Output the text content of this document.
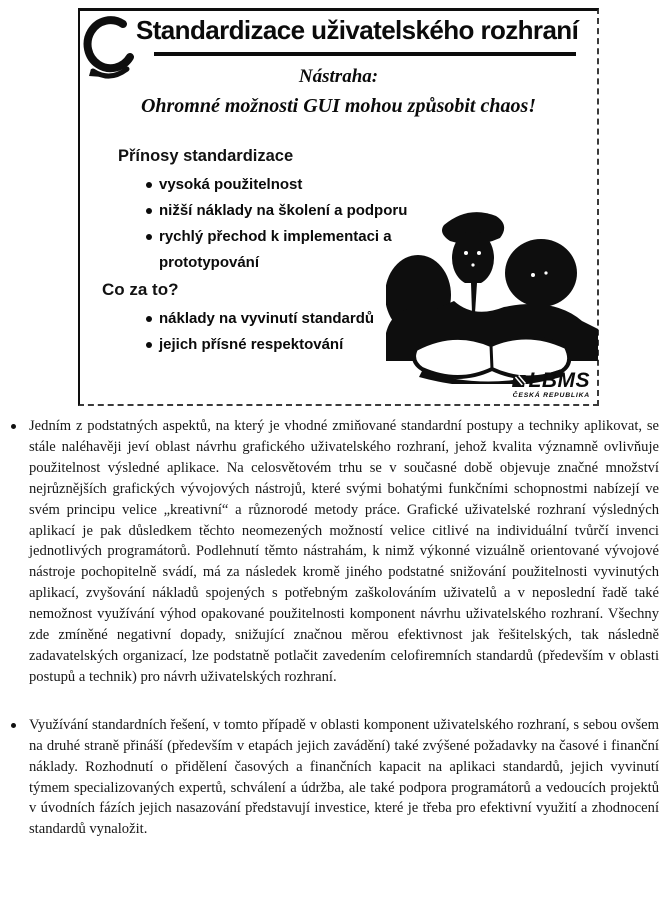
Standardizace uživatelského rozhraní
Nástraha:
Ohromné možnosti GUI mohou způsobit chaos!
Přínosy standardizace
vysoká použitelnost
nižší náklady na školení a podporu
rychlý přechod k implementaci a prototypování
Co za to?
náklady na vyvinutí standardů
jejich přísné respektování
LBMS
ČESKÁ REPUBLIKA
Jedním z podstatných aspektů, na který je vhodné zmiňované standardní postupy a techniky aplikovat, se stále naléhavěji jeví oblast návrhu grafického uživatelského rozhraní, jehož kvalita významně ovlivňuje použitelnost výsledné aplikace. Na celosvětovém trhu se v současné době objevuje značné množství nejrůznějších grafických vývojových nástrojů, které svými bohatými funkčními schopnostmi nabízejí ve svém principu velice „kreativní“ a různorodé metody práce. Grafické uživatelské rozhraní výsledných aplikací je pak důsledkem těchto neomezených možností velice citlivé na individuální tvůrčí invenci jednotlivých programátorů. Podlehnutí těmto nástrahám, k nimž výkonné vizuálně orientované vývojové nástroje pochopitelně svádí, má za následek kromě jiného podstatné snižování použitelnosti vyvinutých aplikací, zvyšování nákladů spojených s potřebným zaškolováním uživatelů a v neposlední řadě také nemožnost využívání výhod opakované použitelnosti komponent návrhu uživatelského rozhraní. Všechny zde zmíněné negativní dopady, snižující značnou měrou efektivnost jak řešitelských, tak následně zadavatelských organizací, lze podstatně potlačit zavedením celofiremních standardů (především v oblasti postupů a technik) pro návrh uživatelských rozhraní.
Využívání standardních řešení, v tomto případě v oblasti komponent uživatelského rozhraní, s sebou ovšem na druhé straně přináší (především v etapách jejich zavádění) také zvýšené požadavky na časové i finanční náklady. Rozhodnutí o přidělení časových a finančních kapacit na aplikaci standardů, jejich vyvinutí týmem specializovaných expertů, schválení a údržba, ale také podpora programátorů a vedoucích projektů v úvodních fázích jejich nasazování představují investice, které je třeba pro efektivní využití a zhodnocení standardů vynaložit.
